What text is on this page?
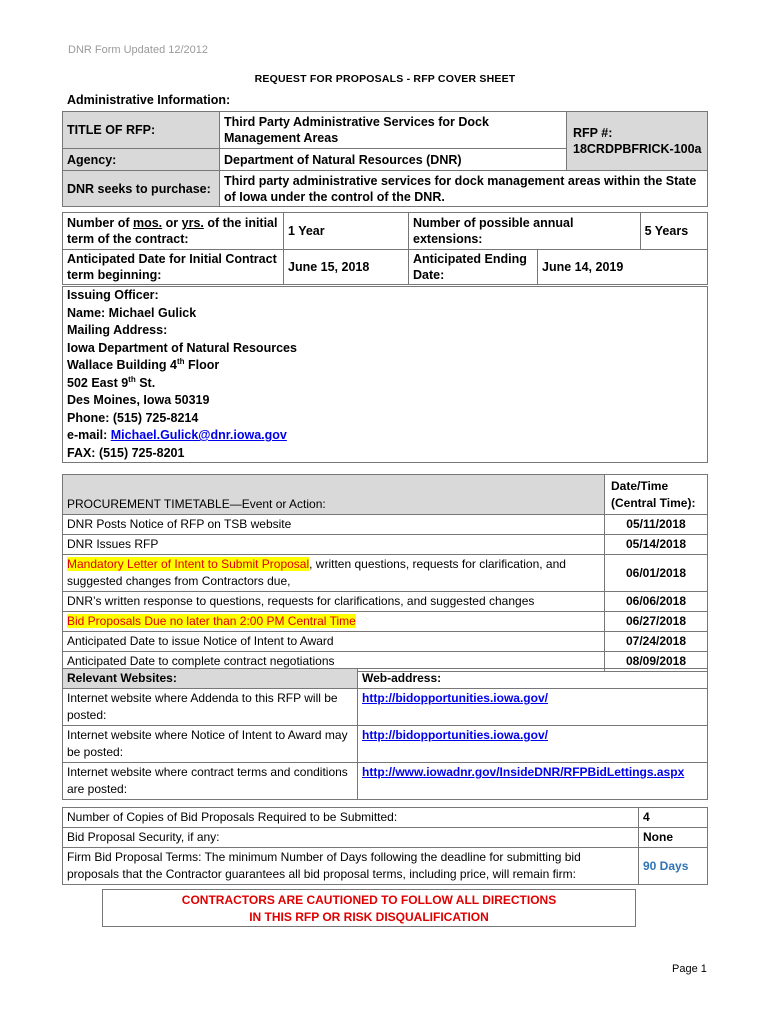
DNR Form Updated 12/2012
REQUEST FOR PROPOSALS - RFP COVER SHEET
Administrative Information:
TITLE OF RFP:	Third Party Administrative Services for Dock Management Areas	RFP #:
18CRDPBFRICK-100a

Agency:	Department of Natural Resources (DNR)	
DNR seeks to purchase:	Third party administrative services for dock management areas within the State of Iowa under the control of the DNR.	
Number of mos. or yrs. of the initial term of the contract:	1 Year	Number of possible annual extensions:		5 Years
Anticipated Date for Initial Contract term beginning:	June 15, 2018	Anticipated Ending Date:	June 14, 2019	
Issuing Officer:
Name: Michael Gulick
Mailing Address:
Iowa Department of Natural Resources
Wallace Building 4th Floor
502 East 9th St.
Des Moines, Iowa 50319
Phone: (515) 725-8214
e-mail: Michael.Gulick@dnr.iowa.gov
FAX: (515) 725-8201
PROCUREMENT TIMETABLE—Event or Action:	Date/Time (Central Time):
DNR Posts Notice of RFP on TSB website	05/11/2018
DNR Issues RFP	05/14/2018
Mandatory Letter of Intent to Submit Proposal, written questions, requests for clarification, and suggested changes from Contractors due,	06/01/2018
DNR’s written response to questions, requests for clarifications, and suggested changes	06/06/2018
Bid Proposals Due no later than 2:00 PM Central Time	06/27/2018
Anticipated Date to issue Notice of Intent to Award	07/24/2018
Anticipated Date to complete contract negotiations	08/09/2018
Relevant Websites:	Web-address:
Internet website where Addenda to this RFP will be posted:	http://bidopportunities.iowa.gov/
Internet website where Notice of Intent to Award may be posted:	http://bidopportunities.iowa.gov/
Internet website where contract terms and conditions are posted:	http://www.iowadnr.gov/InsideDNR/RFPBidLettings.aspx
Number of Copies of Bid Proposals Required to be Submitted:	4
Bid Proposal Security, if any:	None
Firm Bid Proposal Terms: The minimum Number of Days following the deadline for submitting bid proposals that the Contractor guarantees all bid proposal terms, including price, will remain firm:	90 Days
CONTRACTORS ARE CAUTIONED TO FOLLOW ALL DIRECTIONS
IN THIS RFP OR RISK DISQUALIFICATION
Page 1
